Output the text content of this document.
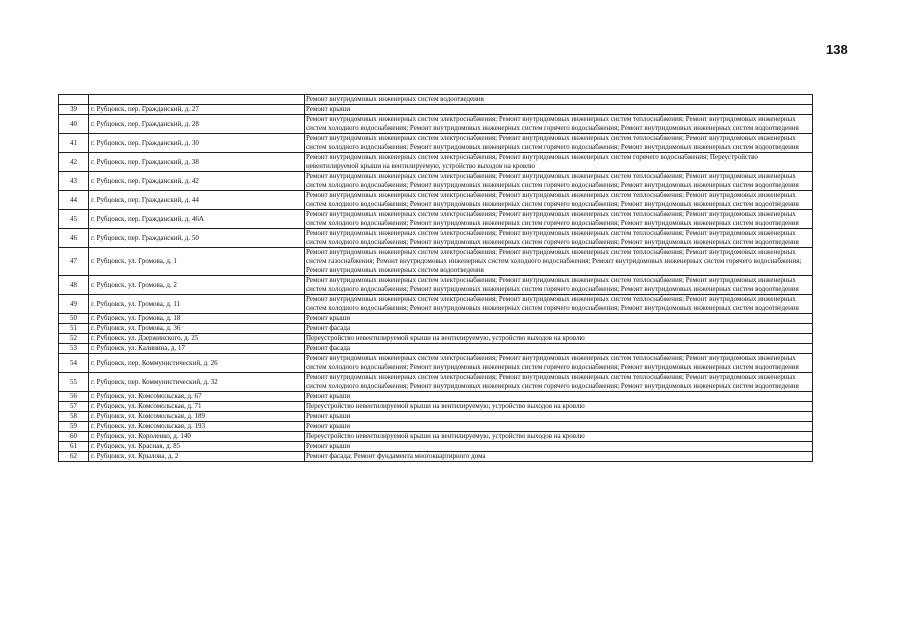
138
		Ремонт внутридомовых инженерных систем водоотведения
39	г. Рубцовск, пер. Гражданский, д. 27	Ремонт крыши
40	г. Рубцовск, пер. Гражданский, д. 28	Ремонт внутридомовых инженерных систем электроснабжения; Ремонт внутридомовых инженерных систем теплоснабжения; Ремонт внутридомовых инженерных систем холодного водоснабжения; Ремонт внутридомовых инженерных систем горячего водоснабжения; Ремонт внутридомовых инженерных систем водоотведения
41	г. Рубцовск, пер. Гражданский, д. 30	Ремонт внутридомовых инженерных систем электроснабжения; Ремонт внутридомовых инженерных систем теплоснабжения; Ремонт внутридомовых инженерных систем холодного водоснабжения; Ремонт внутридомовых инженерных систем горячего водоснабжения; Ремонт внутридомовых инженерных систем водоотведения
42	г. Рубцовск, пер. Гражданский, д. 38	Ремонт внутридомовых инженерных систем электроснабжения; Ремонт внутридомовых инженерных систем горячего водоснабжения; Переустройство невентилируемой крыши на вентилируемую, устройство выходов на кровлю
43	г. Рубцовск, пер. Гражданский, д. 42	Ремонт внутридомовых инженерных систем электроснабжения; Ремонт внутридомовых инженерных систем теплоснабжения; Ремонт внутридомовых инженерных систем холодного водоснабжения; Ремонт внутридомовых инженерных систем горячего водоснабжения; Ремонт внутридомовых инженерных систем водоотведения
44	г. Рубцовск, пер. Гражданский, д. 44	Ремонт внутридомовых инженерных систем электроснабжения; Ремонт внутридомовых инженерных систем теплоснабжения; Ремонт внутридомовых инженерных систем холодного водоснабжения; Ремонт внутридомовых инженерных систем горячего водоснабжения; Ремонт внутридомовых инженерных систем водоотведения
45	г. Рубцовск, пер. Гражданский, д. 46А	Ремонт внутридомовых инженерных систем электроснабжения; Ремонт внутридомовых инженерных систем теплоснабжения; Ремонт внутридомовых инженерных систем холодного водоснабжения; Ремонт внутридомовых инженерных систем горячего водоснабжения; Ремонт внутридомовых инженерных систем водоотведения
46	г. Рубцовск, пер. Гражданский, д. 50	Ремонт внутридомовых инженерных систем электроснабжения; Ремонт внутридомовых инженерных систем теплоснабжения; Ремонт внутридомовых инженерных систем холодного водоснабжения; Ремонт внутридомовых инженерных систем горячего водоснабжения; Ремонт внутридомовых инженерных систем водоотведения
47	г. Рубцовск, ул. Громова, д. 1	Ремонт внутридомовых инженерных систем электроснабжения; Ремонт внутридомовых инженерных систем теплоснабжения; Ремонт внутридомовых инженерных систем газоснабжения; Ремонт внутридомовых инженерных систем холодного водоснабжения; Ремонт внутридомовых инженерных систем горячего водоснабжения; Ремонт внутридомовых инженерных систем водоотведения
48	г. Рубцовск, ул. Громова, д. 2	Ремонт внутридомовых инженерных систем электроснабжения; Ремонт внутридомовых инженерных систем теплоснабжения; Ремонт внутридомовых инженерных систем холодного водоснабжения; Ремонт внутридомовых инженерных систем горячего водоснабжения; Ремонт внутридомовых инженерных систем водоотведения
49	г. Рубцовск, ул. Громова, д. 11	Ремонт внутридомовых инженерных систем электроснабжения; Ремонт внутридомовых инженерных систем теплоснабжения; Ремонт внутридомовых инженерных систем холодного водоснабжения; Ремонт внутридомовых инженерных систем горячего водоснабжения; Ремонт внутридомовых инженерных систем водоотведения
50	г. Рубцовск, ул. Громова, д. 18	Ремонт крыши
51	г. Рубцовск, ул. Громова, д. 36	Ремонт фасада
52	г. Рубцовск, ул. Дзержинского, д. 25	Переустройство невентилируемой крыши на вентилируемую, устройство выходов на кровлю
53	г. Рубцовск, ул. Калинина, д. 17	Ремонт фасада
54	г. Рубцовск, пер. Коммунистический, д. 26	Ремонт внутридомовых инженерных систем электроснабжения; Ремонт внутридомовых инженерных систем теплоснабжения; Ремонт внутридомовых инженерных систем холодного водоснабжения; Ремонт внутридомовых инженерных систем горячего водоснабжения; Ремонт внутридомовых инженерных систем водоотведения
55	г. Рубцовск, пер. Коммунистический, д. 32	Ремонт внутридомовых инженерных систем электроснабжения; Ремонт внутридомовых инженерных систем теплоснабжения; Ремонт внутридомовых инженерных систем холодного водоснабжения; Ремонт внутридомовых инженерных систем горячего водоснабжения; Ремонт внутридомовых инженерных систем водоотведения
56	г. Рубцовск, ул. Комсомольская, д. 67	Ремонт крыши
57	г. Рубцовск, ул. Комсомольская, д. 71	Переустройство невентилируемой крыши на вентилируемую, устройство выходов на кровлю
58	г. Рубцовск, ул. Комсомольская, д. 189	Ремонт крыши
59	г. Рубцовск, ул. Комсомольская, д. 193	Ремонт крыши
60	г. Рубцовск, ул. Короленко, д. 140	Переустройство невентилируемой крыши на вентилируемую, устройство выходов на кровлю
61	г. Рубцовск, ул. Красная, д. 85	Ремонт крыши
62	г. Рубцовск, ул. Крылова, д. 2	Ремонт фасада; Ремонт фундамента многоквартирного дома
